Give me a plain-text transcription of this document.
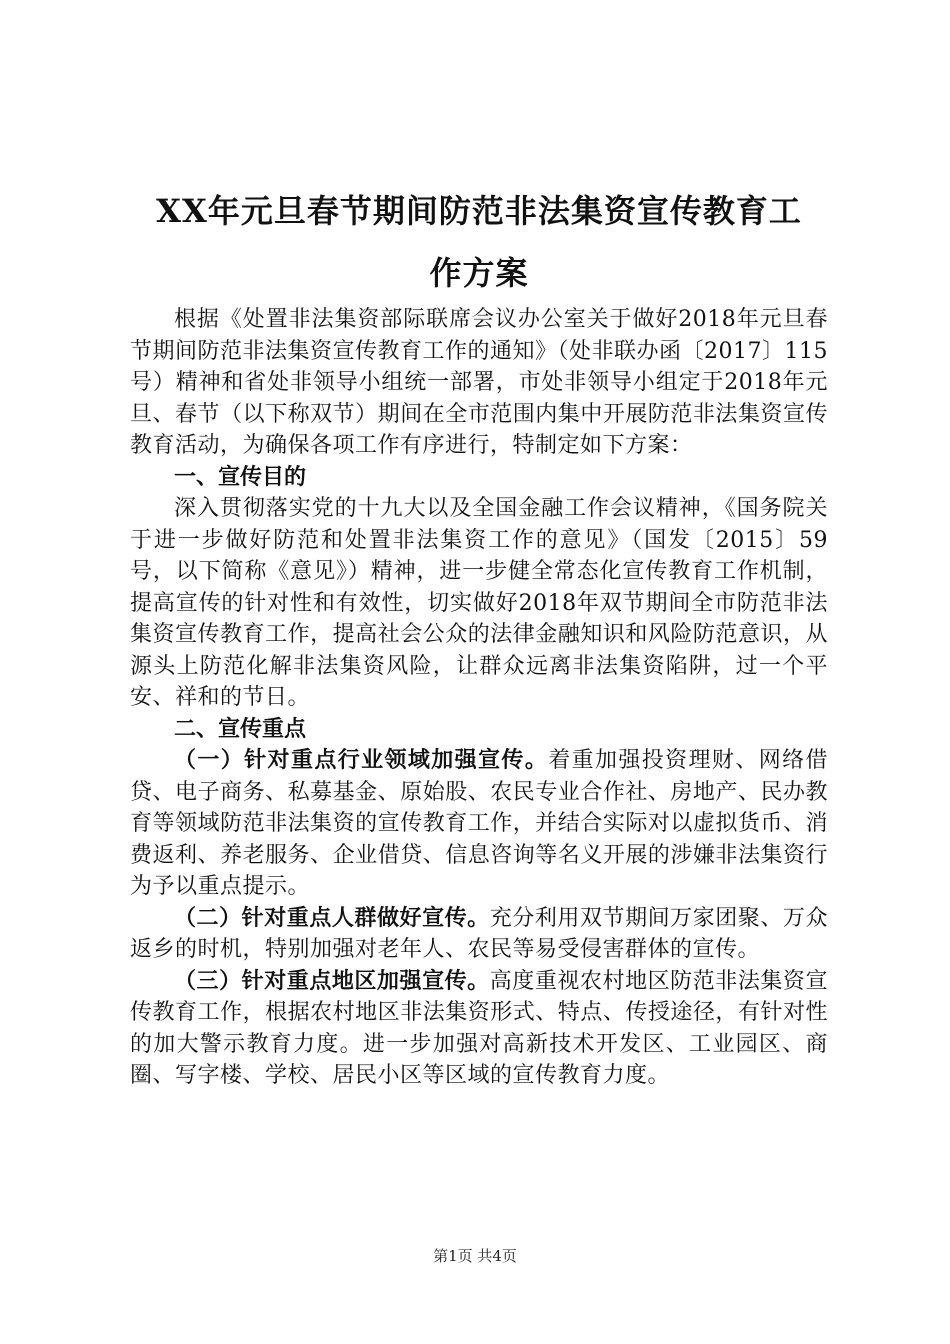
XX年元旦春节期间防范非法集资宣传教育工
作方案

根据《处置非法集资部际联席会议办公室关于做好2018年元旦春节期间防范非法集资宣传教育工作的通知》（处非联办函〔2017〕115号）精神和省处非领导小组统一部署，市处非领导小组定于2018年元旦、春节（以下称双节）期间在全市范围内集中开展防范非法集资宣传教育活动，为确保各项工作有序进行，特制定如下方案：

一、宣传目的

深入贯彻落实党的十九大以及全国金融工作会议精神，《国务院关于进一步做好防范和处置非法集资工作的意见》（国发〔2015〕59号，以下简称《意见》）精神，进一步健全常态化宣传教育工作机制，提高宣传的针对性和有效性，切实做好2018年双节期间全市防范非法集资宣传教育工作，提高社会公众的法律金融知识和风险防范意识，从源头上防范化解非法集资风险，让群众远离非法集资陷阱，过一个平安、祥和的节日。

二、宣传重点

（一）针对重点行业领域加强宣传。着重加强投资理财、网络借贷、电子商务、私募基金、原始股、农民专业合作社、房地产、民办教育等领域防范非法集资的宣传教育工作，并结合实际对以虚拟货币、消费返利、养老服务、企业借贷、信息咨询等名义开展的涉嫌非法集资行为予以重点提示。

（二）针对重点人群做好宣传。充分利用双节期间万家团聚、万众返乡的时机，特别加强对老年人、农民等易受侵害群体的宣传。

（三）针对重点地区加强宣传。高度重视农村地区防范非法集资宣传教育工作，根据农村地区非法集资形式、特点、传授途径，有针对性的加大警示教育力度。进一步加强对高新技术开发区、工业园区、商圈、写字楼、学校、居民小区等区域的宣传教育力度。

第1页 共4页
